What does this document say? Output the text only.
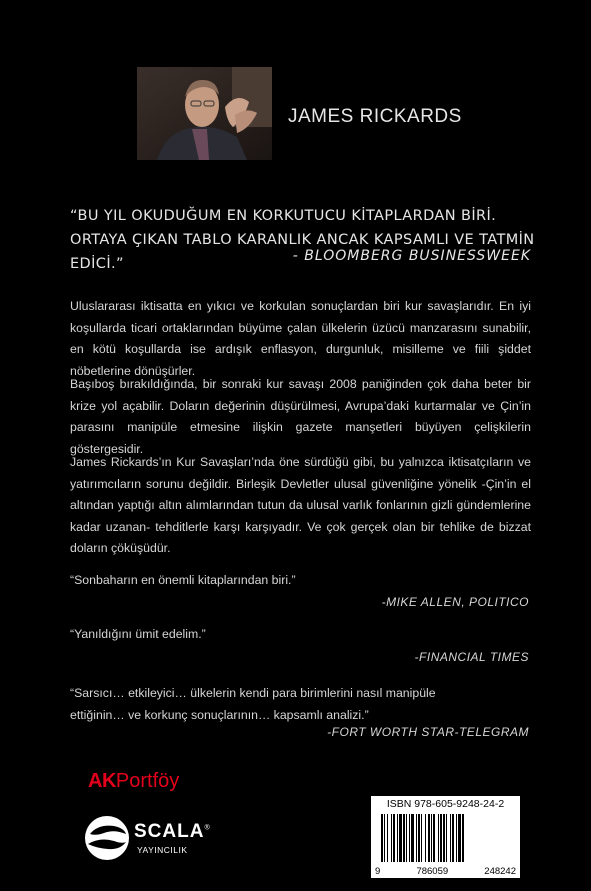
JAMES RICKARDS
“BU YIL OKUDUĞUM EN KORKUTUCU KİTAPLARDAN BİRİ. ORTAYA ÇIKAN TABLO KARANLIK ANCAK KAPSAMLI VE TATMİN EDİCİ.”	- BLOOMBERG BUSINESSWEEK
Uluslararası iktisatta en yıkıcı ve korkulan sonuçlardan biri kur savaşlarıdır. En iyi koşullarda ticari ortaklarından büyüme çalan ülkelerin üzücü manzarasını sunabilir, en kötü koşullarda ise ardışık enflasyon, durgunluk, misilleme ve fiili şiddet nöbetlerine dönüşürler.
Başıboş bırakıldığında, bir sonraki kur savaşı 2008 paniğinden çok daha beter bir krize yol açabilir. Doların değerinin düşürülmesi, Avrupa’daki kurtarmalar ve Çin’in parasını manipüle etmesine ilişkin gazete manşetleri büyüyen çelişkilerin göstergesidir.
James Rickards’ın Kur Savaşları’nda öne sürdüğü gibi, bu yalnızca iktisatçıların ve yatırımcıların sorunu değildir. Birleşik Devletler ulusal güvenliğine yönelik -Çin’in el altından yaptığı altın alımlarından tutun da ulusal varlık fonlarının gizli gündemlerine kadar uzanan- tehditlerle karşı karşıyadır. Ve çok gerçek olan bir tehlike de bizzat doların çöküşüdür.
“Sonbaharın en önemli kitaplarından biri.”
-MIKE ALLEN, POLITICO
“Yanıldığını ümit edelim.”
-FINANCIAL TIMES
“Sarsıcı… etkileyici… ülkelerin kendi para birimlerini nasıl manipüle
ettiğinin… ve korkunç sonuçlarının… kapsamlı analizi.”
-FORT WORTH STAR-TELEGRAM
AKPortföy
SCALA®
YAYINCILIK
ISBN 978-605-9248-24-2
9	786059	248242
